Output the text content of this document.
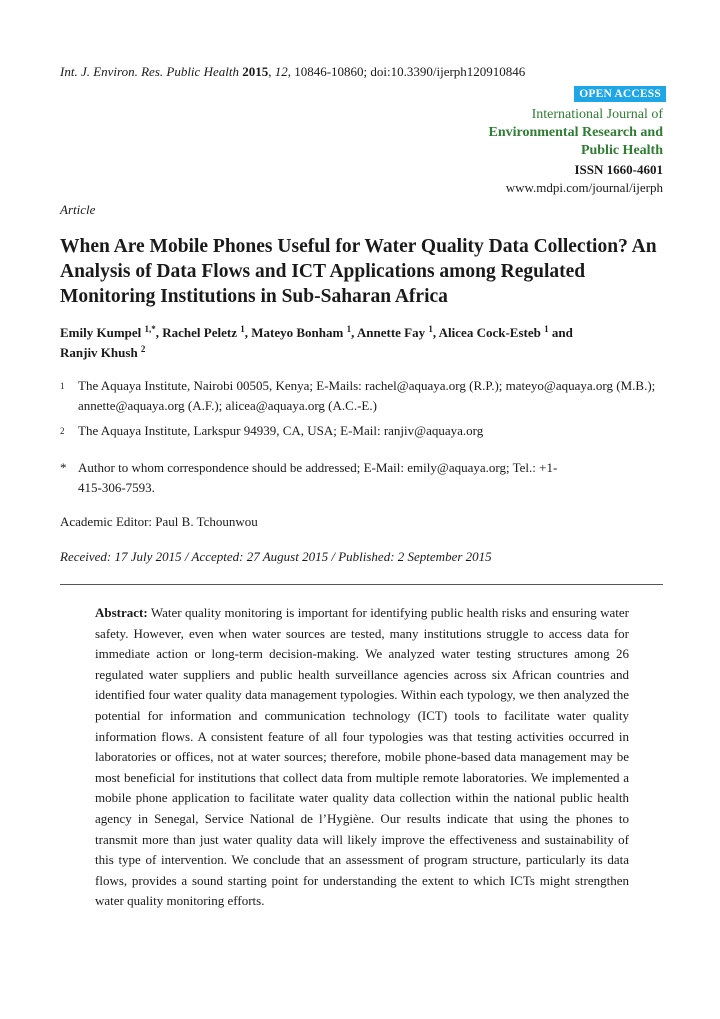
Int. J. Environ. Res. Public Health 2015, 12, 10846-10860; doi:10.3390/ijerph120910846
OPEN ACCESS
International Journal of
Environmental Research and
Public Health
ISSN 1660-4601
www.mdpi.com/journal/ijerph
Article
When Are Mobile Phones Useful for Water Quality Data Collection? An Analysis of Data Flows and ICT Applications among Regulated Monitoring Institutions in Sub-Saharan Africa
Emily Kumpel $^{1,*}$, Rachel Peletz $^1$, Mateyo Bonham $^1$, Annette Fay $^1$, Alicea Cock-Esteb $^1$ and
Ranjiv Khush $^2$
1 The Aquaya Institute, Nairobi 00505, Kenya; E-Mails: rachel@aquaya.org (R.P.); mateyo@aquaya.org (M.B.); annette@aquaya.org (A.F.); alicea@aquaya.org (A.C.-E.)
2 The Aquaya Institute, Larkspur 94939, CA, USA; E-Mail: ranjiv@aquaya.org
* Author to whom correspondence should be addressed; E-Mail: emily@aquaya.org; Tel.: +1-415-306-7593.
Academic Editor: Paul B. Tchounwou
Received: 17 July 2015 / Accepted: 27 August 2015 / Published: 2 September 2015
Abstract: Water quality monitoring is important for identifying public health risks and ensuring water safety. However, even when water sources are tested, many institutions struggle to access data for immediate action or long-term decision-making. We analyzed water testing structures among 26 regulated water suppliers and public health surveillance agencies across six African countries and identified four water quality data management typologies. Within each typology, we then analyzed the potential for information and communication technology (ICT) tools to facilitate water quality information flows. A consistent feature of all four typologies was that testing activities occurred in laboratories or offices, not at water sources; therefore, mobile phone-based data management may be most beneficial for institutions that collect data from multiple remote laboratories. We implemented a mobile phone application to facilitate water quality data collection within the national public health agency in Senegal, Service National de l’Hygiène. Our results indicate that using the phones to transmit more than just water quality data will likely improve the effectiveness and sustainability of this type of intervention. We conclude that an assessment of program structure, particularly its data flows, provides a sound starting point for understanding the extent to which ICTs might strengthen water quality monitoring efforts.
